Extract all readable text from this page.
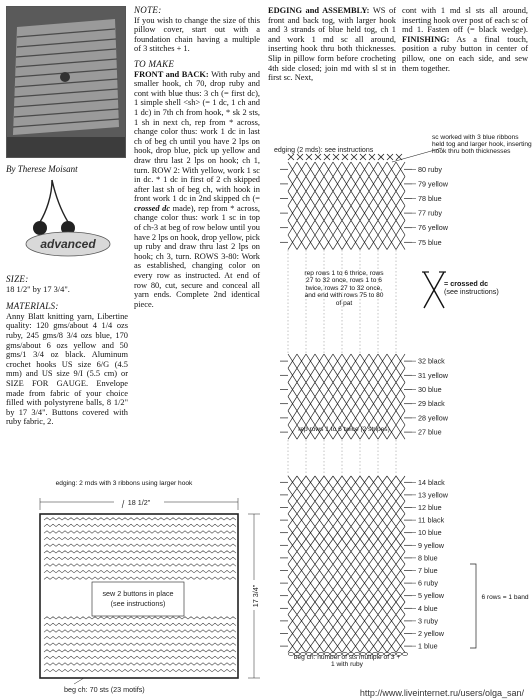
By Therese Moisant
advanced
SIZE:
18 1/2" by 17 3/4".
MATERIALS:
Anny Blatt knitting yarn, Libertine quality: 120 gms/about 4 1/4 ozs ruby, 245 gms/8 3/4 ozs blue, 170 gms/about 6 ozs yellow and 50 gms/1 3/4 oz black. Aluminum crochet hooks US size 6/G (4.5 mm) and US size 9/I (5.5 cm) or SIZE FOR GAUGE. Envelope made from fabric of your choice filled with polystyrene balls, 8 1/2" by 17 3/4". Buttons covered with ruby fabric, 2.
NOTE:
If you wish to change the size of this pillow cover, start out with a foundation chain having a multiple of 3 stitches + 1.
TO MAKE
FRONT and BACK: With ruby and smaller hook, ch 70, drop ruby and cont with blue thus: 3 ch (= first dc), 1 simple shell <sh> (= 1 dc, 1 ch and 1 dc) in 7th ch from hook, * sk 2 sts, 1 sh in next ch, rep from * across, change color thus: work 1 dc in last ch of beg ch until you have 2 lps on hook, drop blue, pick up yellow and draw thru last 2 lps on hook; ch 1, turn. ROW 2: With yellow, work 1 sc in dc. * 1 dc in first of 2 ch skipped after last sh of beg ch, with hook in front work 1 dc in 2nd skipped ch (= crossed dc made), rep from * across, change color thus: work 1 sc in top of ch-3 at beg of row below until you have 2 lps on hook, drop yellow, pick up ruby and draw thru last 2 lps on hook; ch 3, turn. ROWS 3-80: Work as established, changing color on every row as instructed. At end of row 80, cut, secure and conceal all yarn ends. Complete 2nd identical piece.
EDGING and ASSEMBLY: WS of front and back tog, with larger hook and 3 strands of blue held tog, ch 1 and work 1 md sc all around, inserting hook thru both thicknesses. Slip in pillow form before crocheting 4th side closed; join md with sl st in first sc. Next,
cont with 1 md sl sts all around, inserting hook over post of each sc of md 1. Fasten off (= black wedge). FINISHING: As a final touch, position a ruby button in center of pillow, one on each side, and sew them together.
edging (2 mds): see instructions
sc worked with 3 blue ribbons held tog and larger hook, inserting hook thru both thicknesses
80 ruby
79 yellow
78 blue
77 ruby
76 yellow
75 blue
32 black
31 yellow
30 blue
29 black
28 yellow
27 blue
14 black
13 yellow
12 blue
11 black
10 blue
9 yellow
8 blue
7 blue
6 ruby
5 yellow
4 blue
3 ruby
2 yellow
1 blue
rep rows 1 to 6 thrice, rows 27 to 32 once, rows 1 to 6 twice, rows 27 to 32 once, and end with rows 75 to 80 of pat
rep rows 1 to 6 twice (2 stripes)
6 rows = 1 band
beg ch: number of sts multiple of 3 + 1 with ruby
= crossed dc
(see instructions)
edging: 2 rnds with 3 ribbons using larger hook
18 1/2"
sew 2 buttons in place
(see instructions)	17 3/4"
beg ch: 70 sts (23 motifs)	http://www.liveinternet.ru/users/olga_san/
